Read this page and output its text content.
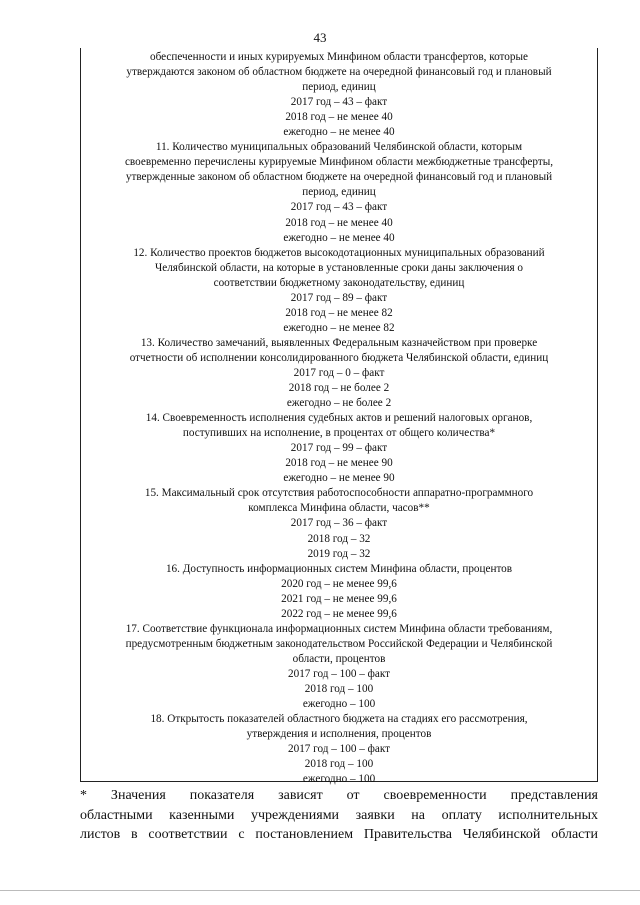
43
обеспеченности и иных курируемых Минфином области трансфертов, которые
утверждаются законом об областном бюджете на очередной финансовый год и плановый
период, единиц
2017 год – 43 – факт
2018 год – не менее 40
ежегодно – не менее 40
11. Количество муниципальных образований Челябинской области, которым
своевременно перечислены курируемые Минфином области межбюджетные трансферты,
утвержденные законом об областном бюджете на очередной финансовый год и плановый
период, единиц
2017 год – 43 – факт
2018 год – не менее 40
ежегодно – не менее 40
12. Количество проектов бюджетов высокодотационных муниципальных образований
Челябинской области, на которые в установленные сроки даны заключения о
соответствии бюджетному законодательству, единиц
2017 год – 89 – факт
2018 год – не менее 82
ежегодно – не менее 82
13. Количество замечаний, выявленных Федеральным казначейством при проверке
отчетности об исполнении консолидированного бюджета Челябинской области, единиц
2017 год – 0 – факт
2018 год – не более 2
ежегодно – не более 2
14. Своевременность исполнения судебных актов и решений налоговых органов,
поступивших на исполнение, в процентах от общего количества*
2017 год – 99 – факт
2018 год – не менее 90
ежегодно – не менее 90
15. Максимальный срок отсутствия работоспособности аппаратно-программного
комплекса Минфина области, часов**
2017 год – 36 – факт
2018 год – 32
2019 год – 32
16. Доступность информационных систем Минфина области, процентов
2020 год – не менее 99,6
2021 год – не менее 99,6
2022 год – не менее 99,6
17. Соответствие функционала информационных систем Минфина области требованиям,
предусмотренным бюджетным законодательством Российской Федерации и Челябинской
области, процентов
2017 год – 100 – факт
2018 год – 100
ежегодно – 100
18. Открытость показателей областного бюджета на стадиях его рассмотрения,
утверждения и исполнения, процентов
2017 год – 100 – факт
2018 год – 100
ежегодно – 100
* Значения показателя зависят от своевременности представления
областными казенными учреждениями заявки на оплату исполнительных
листов в соответствии с постановлением Правительства Челябинской области
